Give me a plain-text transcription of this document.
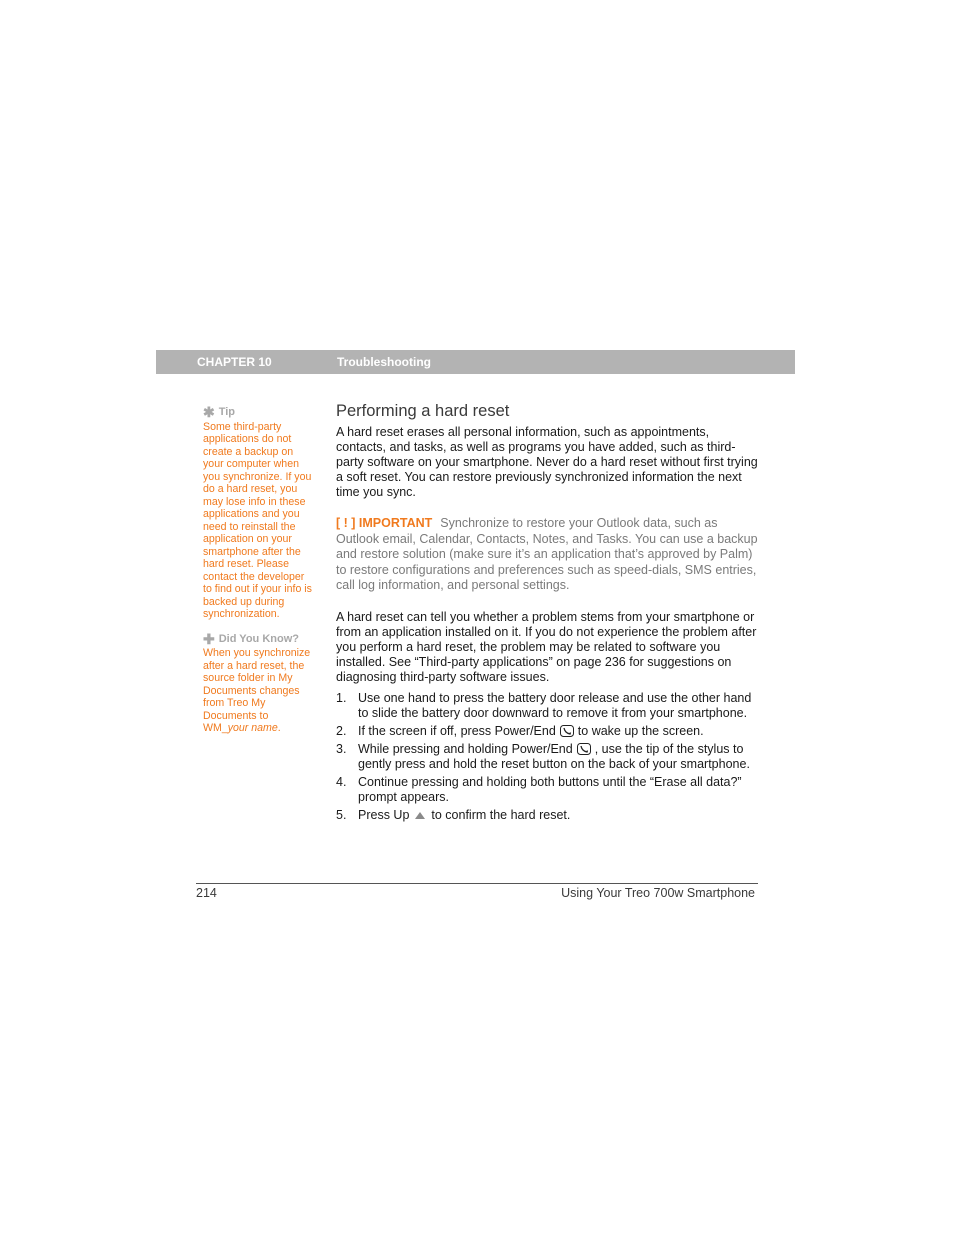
CHAPTER 10	Troubleshooting
✱ Tip
Some third-party applications do not create a backup on your computer when you synchronize. If you do a hard reset, you may lose info in these applications and you need to reinstall the application on your smartphone after the hard reset. Please contact the developer to find out if your info is backed up during synchronization.
✚ Did You Know?
When you synchronize after a hard reset, the source folder in My Documents changes from Treo My Documents to WM_your name.
Performing a hard reset

A hard reset erases all personal information, such as appointments, contacts, and tasks, as well as programs you have added, such as third-party software on your smartphone. Never do a hard reset without first trying a soft reset. You can restore previously synchronized information the next time you sync.

[ ! ] IMPORTANT Synchronize to restore your Outlook data, such as Outlook email, Calendar, Contacts, Notes, and Tasks. You can use a backup and restore solution (make sure it’s an application that’s approved by Palm) to restore configurations and preferences such as speed-dials, SMS entries, call log information, and personal settings.

A hard reset can tell you whether a problem stems from your smartphone or from an application installed on it. If you do not experience the problem after you perform a hard reset, the problem may be related to software you installed. See “Third-party applications” on page 236 for suggestions on diagnosing third-party software issues.

1. Use one hand to press the battery door release and use the other hand to slide the battery door downward to remove it from your smartphone.
2. If the screen if off, press Power/End to wake up the screen.
3. While pressing and holding Power/End , use the tip of the stylus to gently press and hold the reset button on the back of your smartphone.
4. Continue pressing and holding both buttons until the “Erase all data?” prompt appears.
5. Press Up to confirm the hard reset.
214	Using Your Treo 700w Smartphone
